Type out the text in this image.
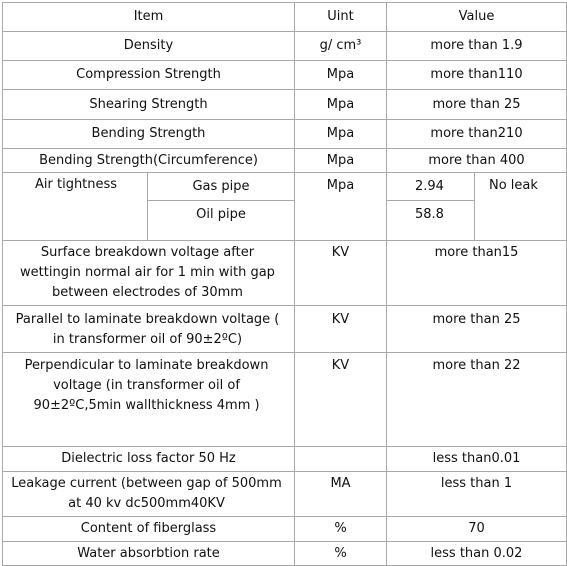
Item		Uint	Value	
Density		g/ cm³	more than 1.9	
Compression Strength		Mpa	more than110	
Shearing Strength		Mpa	more than 25	
Bending Strength		Mpa	more than210	
Bending Strength(Circumference)		Mpa	more than 400	
Air tightness	Gas pipe	Mpa	2.94	No leak
	Oil pipe		58.8	
Surface breakdown voltage after wettingin normal air for 1 min with gap between electrodes of 30mm		KV	more than15	
Parallel to laminate breakdown voltage ( in transformer oil of 90±2ºC)		KV	more than 25	
Perpendicular to laminate breakdown voltage (in transformer oil of 90±2ºC,5min wallthickness 4mm )		KV	more than 22	
Dielectric loss factor 50 Hz			less than0.01	
Leakage current (between gap of 500mm at 40 kv dc500mm40KV		MA	less than 1	
Content of fiberglass		%	70	
Water absorbtion rate		%	less than 0.02	
